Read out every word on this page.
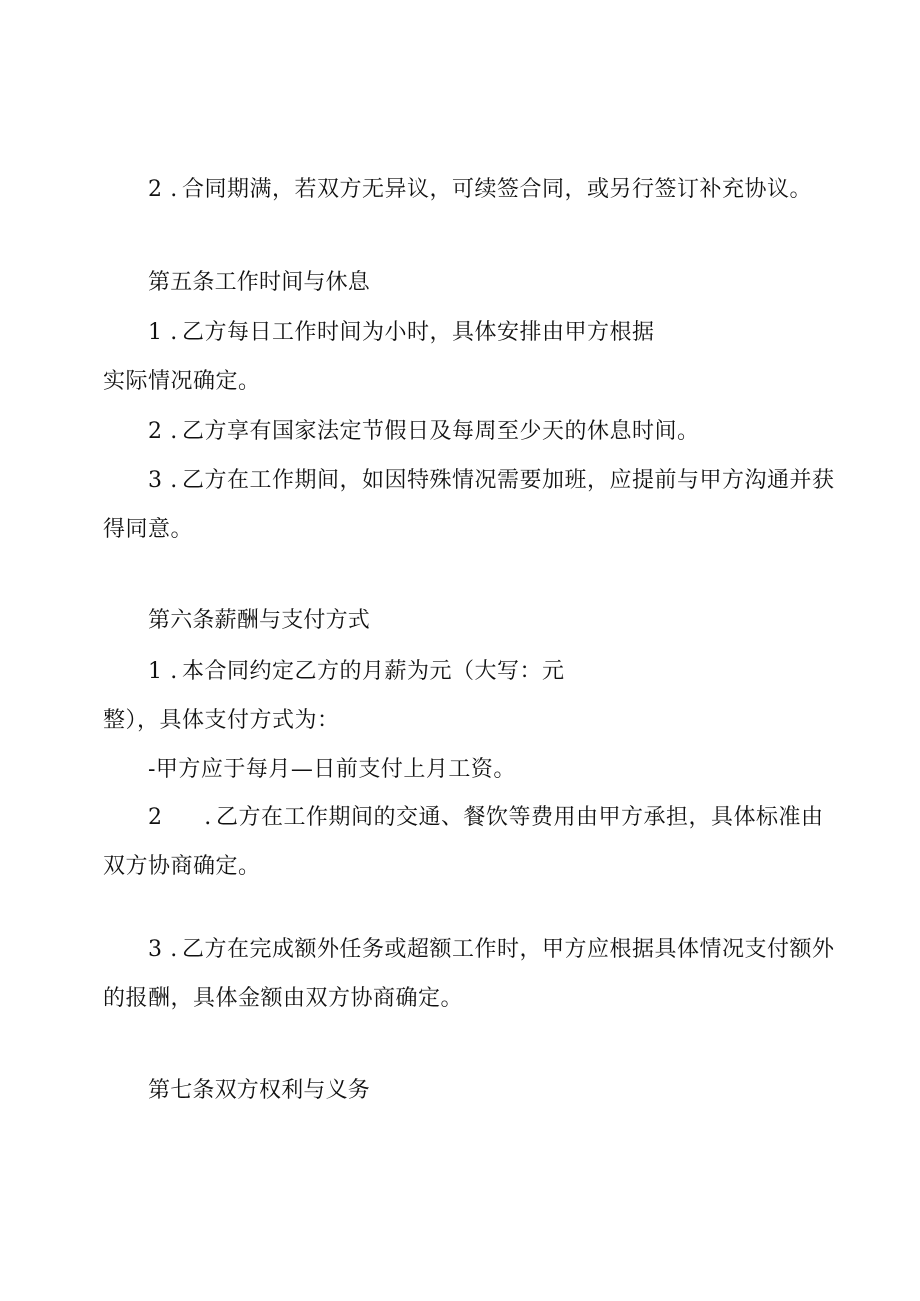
2 . 合同期满，若双方无异议，可续签合同，或另行签订补充协议。
第五条工作时间与休息
1 . 乙方每日工作时间为小时，具体安排由甲方根据
实际情况确定。
2 . 乙方享有国家法定节假日及每周至少天的休息时间。
3 . 乙方在工作期间，如因特殊情况需要加班，应提前与甲方沟通并获
得同意。
第六条薪酬与支付方式
1 . 本合同约定乙方的月薪为元（大写：元
整），具体支付方式为：
-甲方应于每月—日前支付上月工资。
2 . 乙方在工作期间的交通、餐饮等费用由甲方承担，具体标准由
双方协商确定。
3 . 乙方在完成额外任务或超额工作时，甲方应根据具体情况支付额外
的报酬，具体金额由双方协商确定。
第七条双方权利与义务
